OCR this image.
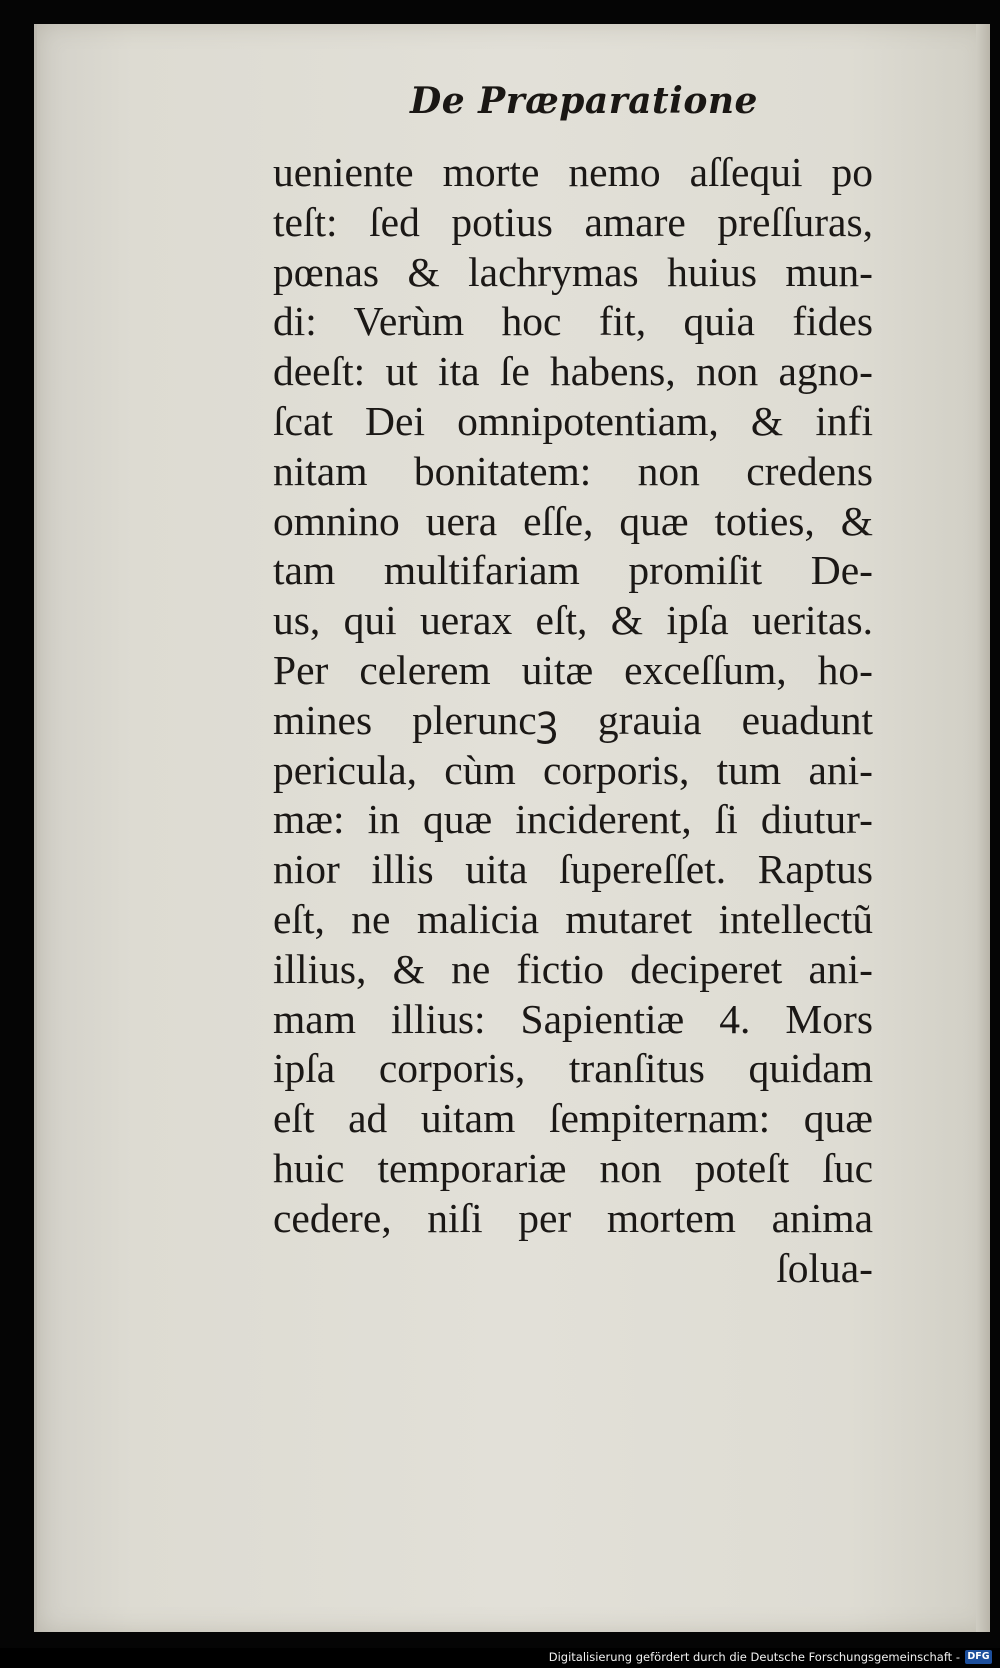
De Præparatione
ueniente morte nemo aſſequi po
teſt: ſed potius amare preſſuras,
pœnas & lachrymas huius mun-
di: Verùm hoc fit, quia fides
deeſt: ut ita ſe habens, non agno-
ſcat Dei omnipotentiam, & infi
nitam bonitatem: non credens
omnino uera eſſe, quæ toties, &
tam multifariam promiſit De-
us, qui uerax eſt, & ipſa ueritas.
Per celerem uitæ exceſſum, ho-
mines pleruncꝫ grauia euadunt
pericula, cùm corporis, tum ani-
mæ: in quæ inciderent, ſi diutur-
nior illis uita ſupereſſet. Raptus
eſt, ne malicia mutaret intellectũ
illius, & ne fictio deciperet ani-
mam illius: Sapientiæ 4. Mors
ipſa corporis, tranſitus quidam
eſt ad uitam ſempiternam: quæ
huic temporariæ non poteſt ſuc
cedere, niſi per mortem anima
ſolua-
Digitalisierung gefördert durch die Deutsche Forschungsgemeinschaft - DFG
